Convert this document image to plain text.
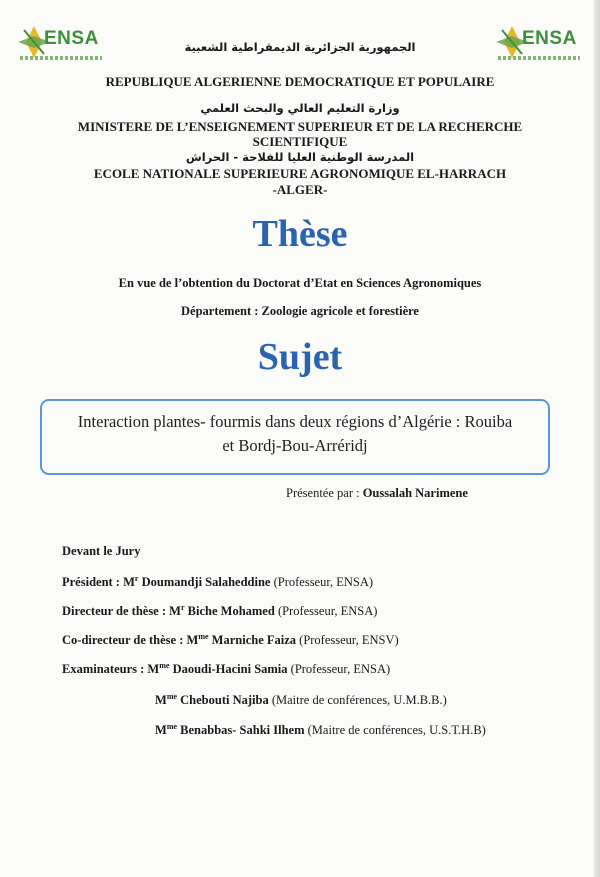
ENSA	ENSA
الجمهورية الجزائرية الديمقراطية الشعبية
REPUBLIQUE ALGERIENNE DEMOCRATIQUE ET POPULAIRE
وزارة التعليم العالي والبحث العلمي
MINISTERE DE L’ENSEIGNEMENT SUPERIEUR ET DE LA RECHERCHE
SCIENTIFIQUE
المدرسة الوطنية العليا للفلاحة - الحراش
ECOLE NATIONALE SUPERIEURE AGRONOMIQUE EL-HARRACH
-ALGER-
Thèse
En vue de l’obtention du Doctorat d’Etat en Sciences Agronomiques
Département : Zoologie agricole et forestière
Sujet
Interaction plantes- fourmis dans deux régions d’Algérie : Rouiba
et Bordj-Bou-Arréridj
Présentée par : Oussalah Narimene
Devant le Jury
Président : $M^r$ Doumandji Salaheddine (Professeur, ENSA)
Directeur de thèse : $M^r$ Biche Mohamed (Professeur, ENSA)
Co-directeur de thèse : $M^{me}$ Marniche Faiza (Professeur, ENSV)
Examinateurs : $M^{me}$ Daoudi-Hacini Samia (Professeur, ENSA)
$M^{me}$ Chebouti Najiba (Maitre de conférences, U.M.B.B.)
$M^{me}$ Benabbas- Sahki Ilhem (Maitre de conférences, U.S.T.H.B)
